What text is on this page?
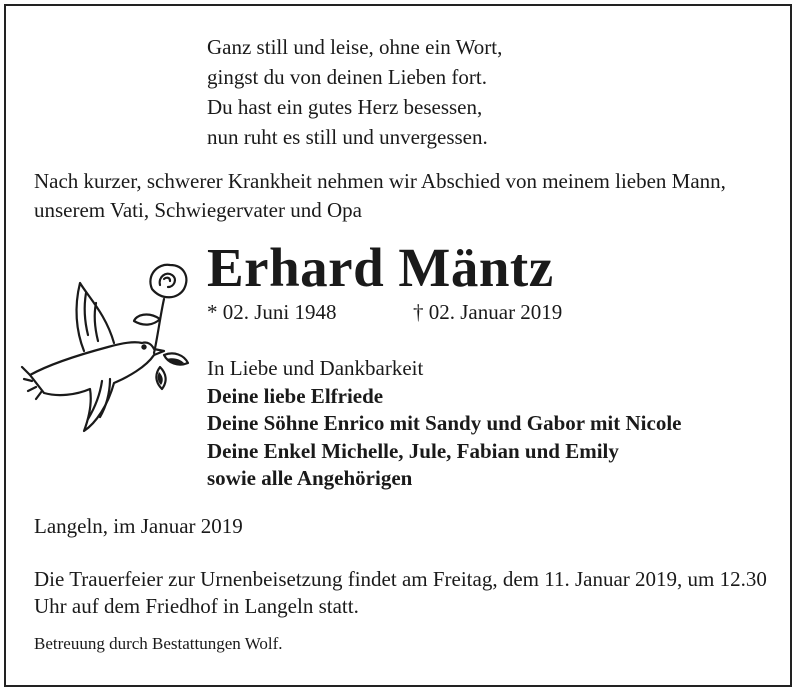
Ganz still und leise, ohne ein Wort,
gingst du von deinen Lieben fort.
Du hast ein gutes Herz besessen,
nun ruht es still und unvergessen.
Nach kurzer, schwerer Krankheit nehmen wir Abschied von meinem lieben Mann, unserem Vati, Schwiegervater und Opa
Erhard Mäntz
* 02. Juni 1948	† 02. Januar 2019
In Liebe und Dankbarkeit
Deine liebe Elfriede
Deine Söhne Enrico mit Sandy und Gabor mit Nicole
Deine Enkel Michelle, Jule, Fabian und Emily
sowie alle Angehörigen
Langeln, im Januar 2019
Die Trauerfeier zur Urnenbeisetzung findet am Freitag, dem 11. Januar 2019, um 12.30 Uhr auf dem Friedhof in Langeln statt.
Betreuung durch Bestattungen Wolf.
